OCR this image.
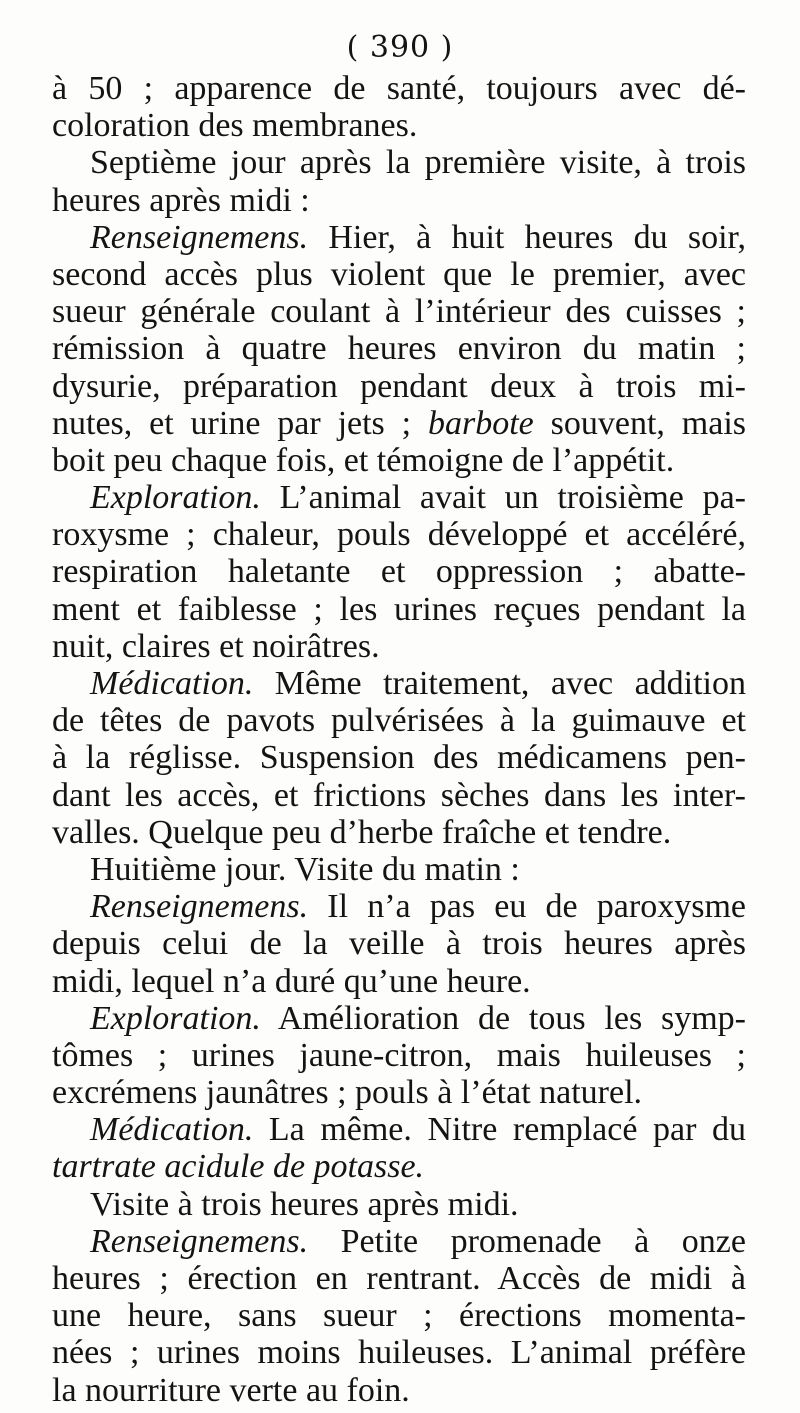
( 390 )
à 50 ; apparence de santé, toujours avec dé-
coloration des membranes.
Septième jour après la première visite, à trois
heures après midi :
Renseignemens. Hier, à huit heures du soir,
second accès plus violent que le premier, avec
sueur générale coulant à l’intérieur des cuisses ;
rémission à quatre heures environ du matin ;
dysurie, préparation pendant deux à trois mi-
nutes, et urine par jets ; barbote souvent, mais
boit peu chaque fois, et témoigne de l’appétit.
Exploration. L’animal avait un troisième pa-
roxysme ; chaleur, pouls développé et accéléré,
respiration haletante et oppression ; abatte-
ment et faiblesse ; les urines reçues pendant la
nuit, claires et noirâtres.
Médication. Même traitement, avec addition
de têtes de pavots pulvérisées à la guimauve et
à la réglisse. Suspension des médicamens pen-
dant les accès, et frictions sèches dans les inter-
valles. Quelque peu d’herbe fraîche et tendre.
Huitième jour. Visite du matin :
Renseignemens. Il n’a pas eu de paroxysme
depuis celui de la veille à trois heures après
midi, lequel n’a duré qu’une heure.
Exploration. Amélioration de tous les symp-
tômes ; urines jaune-citron, mais huileuses ;
excrémens jaunâtres ; pouls à l’état naturel.
Médication. La même. Nitre remplacé par du
tartrate acidule de potasse.
Visite à trois heures après midi.
Renseignemens. Petite promenade à onze
heures ; érection en rentrant. Accès de midi à
une heure, sans sueur ; érections momenta-
nées ; urines moins huileuses. L’animal préfère
la nourriture verte au foin.
